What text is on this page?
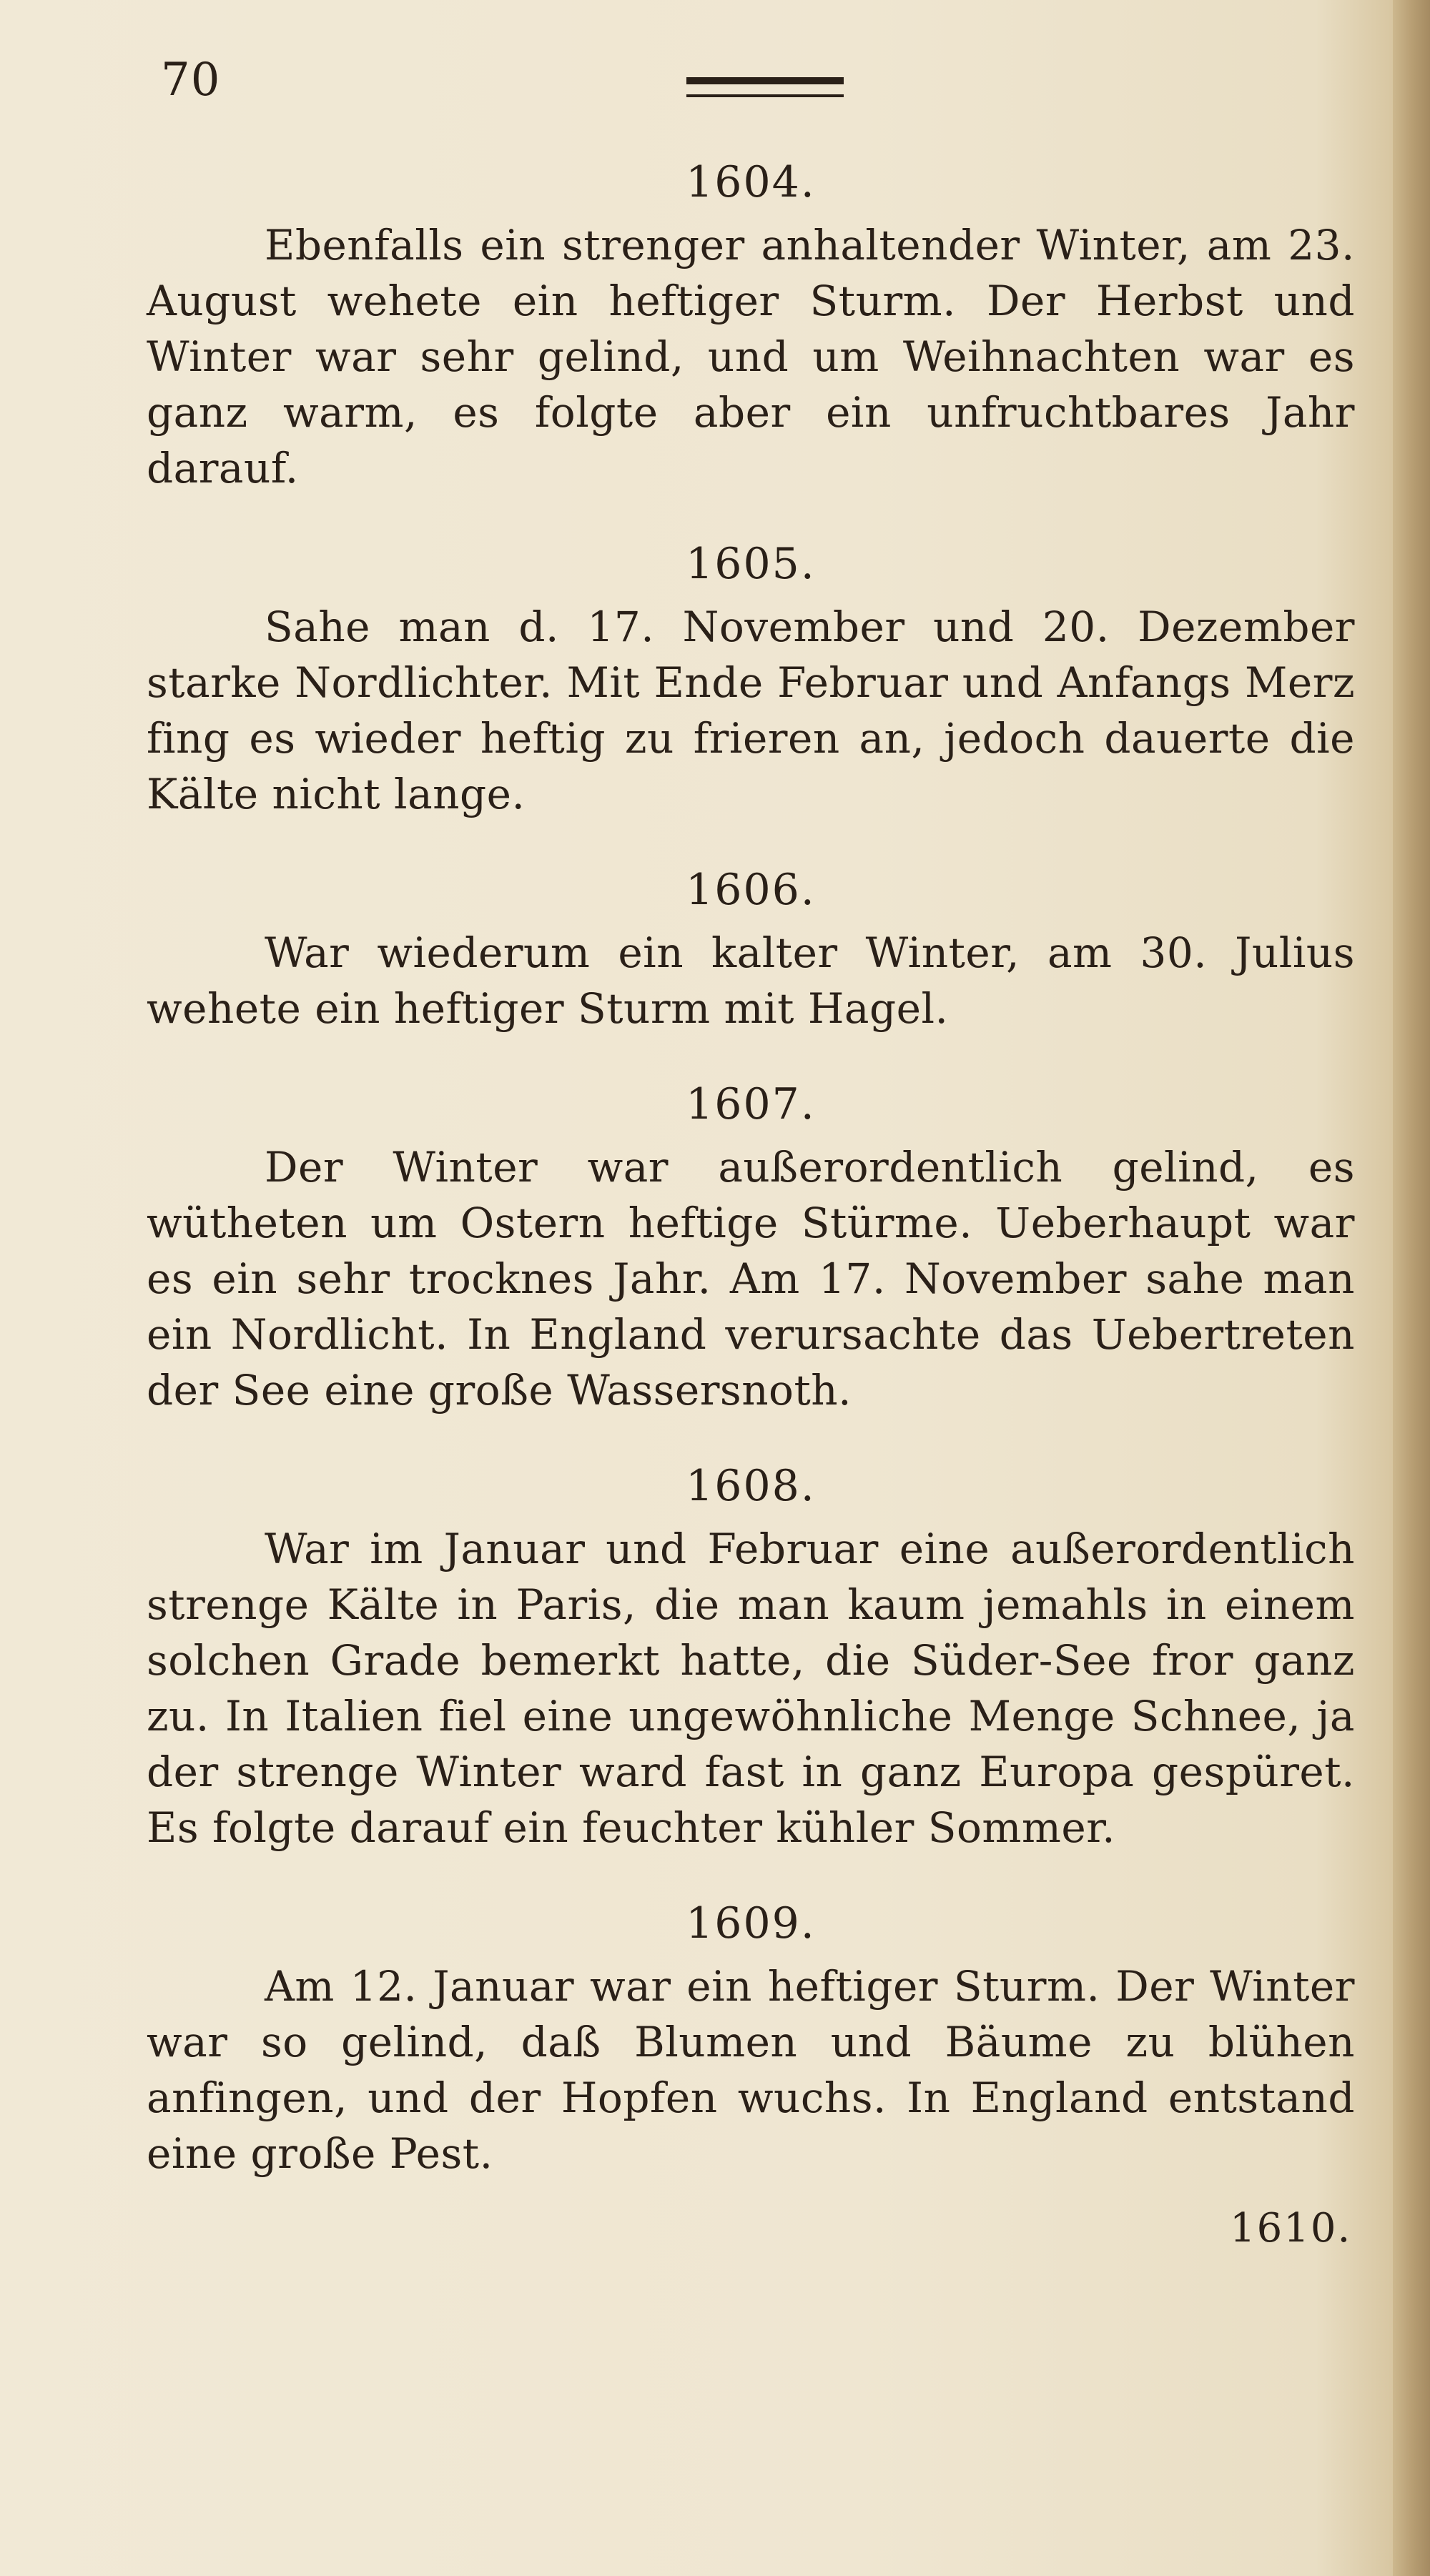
70
1604.

Ebenfalls ein strenger anhaltender Winter, am 23. August wehete ein heftiger Sturm. Der Herbst und Winter war sehr gelind, und um Weihnachten war es ganz warm, es folgte aber ein unfruchtbares Jahr darauf.

1605.

Sahe man d. 17. November und 20. Dezember starke Nordlichter. Mit Ende Februar und Anfangs Merz fing es wieder heftig zu frieren an, jedoch dauerte die Kälte nicht lange.

1606.

War wiederum ein kalter Winter, am 30. Julius wehete ein heftiger Sturm mit Hagel.

1607.

Der Winter war außerordentlich gelind, es wütheten um Ostern heftige Stürme. Ueberhaupt war es ein sehr trocknes Jahr. Am 17. November sahe man ein Nordlicht. In England verursachte das Uebertreten der See eine große Wassersnoth.

1608.

War im Januar und Februar eine außerordentlich strenge Kälte in Paris, die man kaum jemahls in einem solchen Grade bemerkt hatte, die Süder-See fror ganz zu. In Italien fiel eine ungewöhnliche Menge Schnee, ja der strenge Winter ward fast in ganz Europa gespüret. Es folgte darauf ein feuchter kühler Sommer.

1609.

Am 12. Januar war ein heftiger Sturm. Der Winter war so gelind, daß Blumen und Bäume zu blühen anfingen, und der Hopfen wuchs. In England entstand eine große Pest.

1610.
